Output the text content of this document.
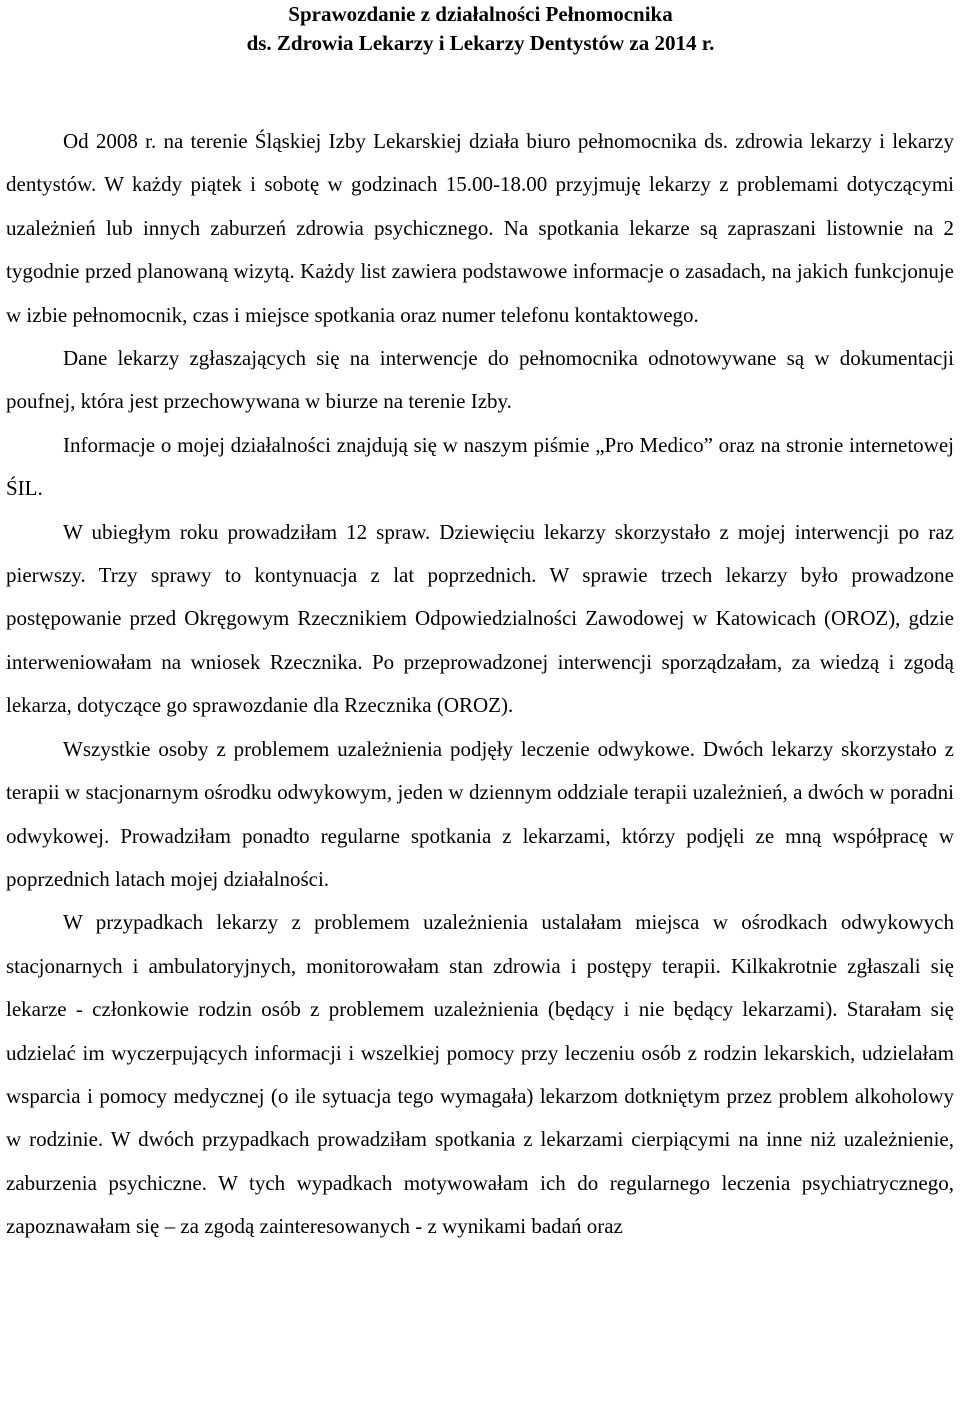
Sprawozdanie z działalności Pełnomocnika
ds. Zdrowia Lekarzy i Lekarzy Dentystów za 2014 r.

Od 2008 r. na terenie Śląskiej Izby Lekarskiej działa biuro pełnomocnika ds. zdrowia lekarzy i lekarzy dentystów. W każdy piątek i sobotę w godzinach 15.00-18.00 przyjmuję lekarzy z problemami dotyczącymi uzależnień lub innych zaburzeń zdrowia psychicznego. Na spotkania lekarze są zapraszani listownie na 2 tygodnie przed planowaną wizytą. Każdy list zawiera podstawowe informacje o zasadach, na jakich funkcjonuje w izbie pełnomocnik, czas i miejsce spotkania oraz numer telefonu kontaktowego.

Dane lekarzy zgłaszających się na interwencje do pełnomocnika odnotowywane są w dokumentacji poufnej, która jest przechowywana w biurze na terenie Izby.

Informacje o mojej działalności znajdują się w naszym piśmie „Pro Medico” oraz na stronie internetowej ŚIL.

W ubiegłym roku prowadziłam 12 spraw. Dziewięciu lekarzy skorzystało z mojej interwencji po raz pierwszy. Trzy sprawy to kontynuacja z lat poprzednich. W sprawie trzech lekarzy było prowadzone postępowanie przed Okręgowym Rzecznikiem Odpowiedzialności Zawodowej w Katowicach (OROZ), gdzie interweniowałam na wniosek Rzecznika. Po przeprowadzonej interwencji sporządzałam, za wiedzą i zgodą lekarza, dotyczące go sprawozdanie dla Rzecznika (OROZ).

Wszystkie osoby z problemem uzależnienia podjęły leczenie odwykowe. Dwóch lekarzy skorzystało z terapii w stacjonarnym ośrodku odwykowym, jeden w dziennym oddziale terapii uzależnień, a dwóch w poradni odwykowej. Prowadziłam ponadto regularne spotkania z lekarzami, którzy podjęli ze mną współpracę w poprzednich latach mojej działalności.

W przypadkach lekarzy z problemem uzależnienia ustalałam miejsca w ośrodkach odwykowych stacjonarnych i ambulatoryjnych, monitorowałam stan zdrowia i postępy terapii. Kilkakrotnie zgłaszali się lekarze - członkowie rodzin osób z problemem uzależnienia (będący i nie będący lekarzami). Starałam się udzielać im wyczerpujących informacji i wszelkiej pomocy przy leczeniu osób z rodzin lekarskich, udzielałam wsparcia i pomocy medycznej (o ile sytuacja tego wymagała) lekarzom dotkniętym przez problem alkoholowy w rodzinie. W dwóch przypadkach prowadziłam spotkania z lekarzami cierpiącymi na inne niż uzależnienie, zaburzenia psychiczne. W tych wypadkach motywowałam ich do regularnego leczenia psychiatrycznego, zapoznawałam się – za zgodą zainteresowanych - z wynikami badań oraz
